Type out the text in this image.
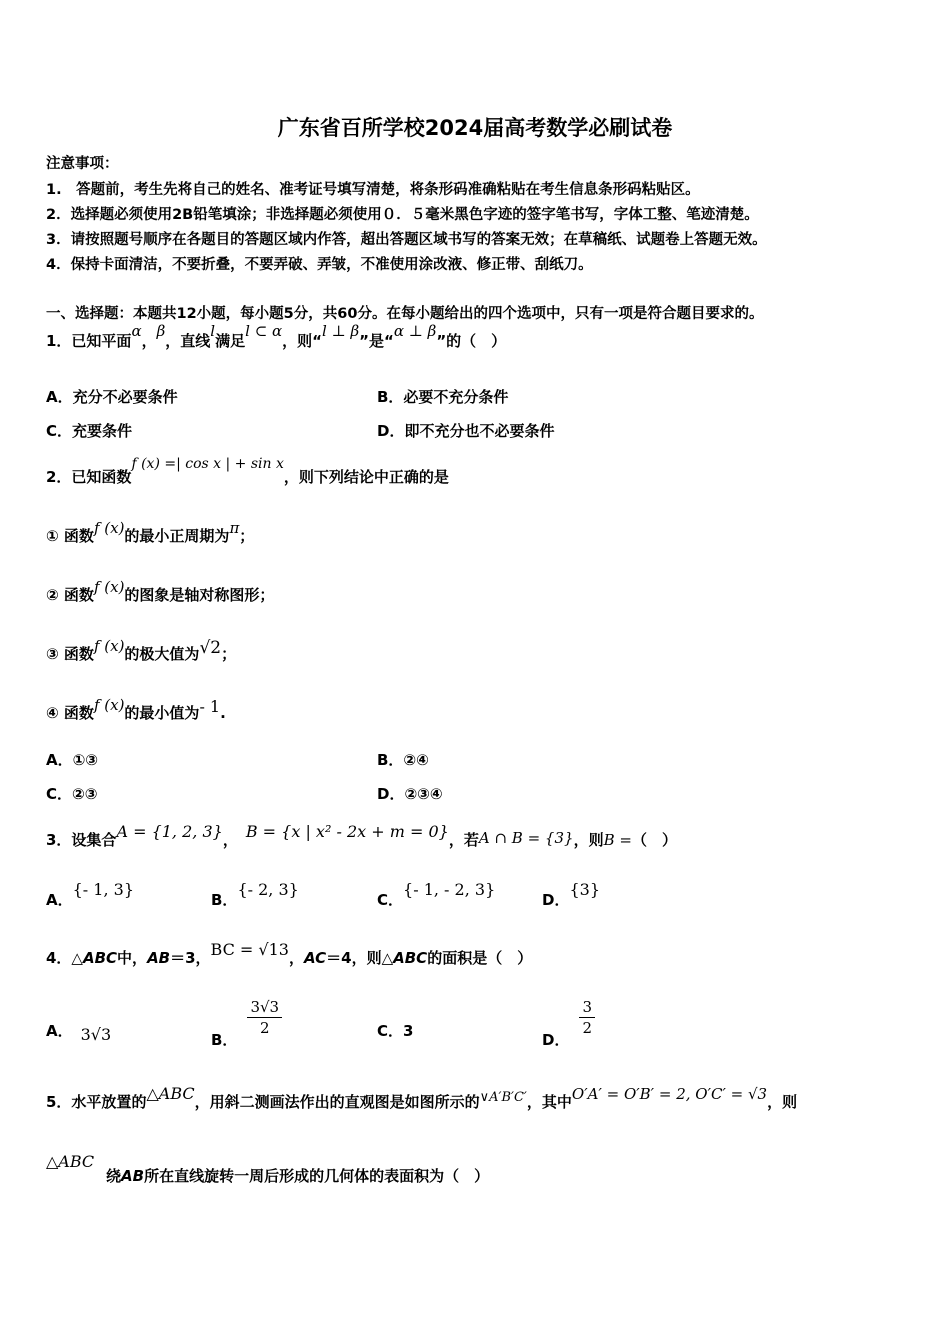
广东省百所学校2024届高考数学必刷试卷
注意事项：
1.　答题前，考生先将自己的姓名、准考证号填写清楚，将条形码准确粘贴在考生信息条形码粘贴区。
2．选择题必须使用2B铅笔填涂；非选择题必须使用０．５毫米黑色字迹的签字笔书写，字体工整、笔迹清楚。
3．请按照题号顺序在各题目的答题区域内作答，超出答题区域书写的答案无效；在草稿纸、试题卷上答题无效。
4．保持卡面清洁，不要折叠，不要弄破、弄皱，不准使用涂改液、修正带、刮纸刀。
一、选择题：本题共12小题，每小题5分，共60分。在每小题给出的四个选项中，只有一项是符合题目要求的。
1．已知平面α，β，直线l满足l ⊂ α，则“l ⊥ β”是“α ⊥ β”的（　）
A．充分不必要条件	B．必要不充分条件
C．充要条件	D．即不充分也不必要条件
2．已知函数f (x) =| cos x | + sin x，则下列结论中正确的是
① 函数f (x)的最小正周期为π；
② 函数f (x)的图象是轴对称图形；
③ 函数f (x)的极大值为√2；
④ 函数f (x)的最小值为- 1.
A．①③	B．②④
C．②③	D．②③④
3．设集合A = {1, 2, 3}， B = {x | x² - 2x + m = 0}，若A ∩ B = {3}，则B =（　）
A．{- 1, 3}
B．{- 2, 3}
C．{- 1, - 2, 3}
D．{3}
4．△ABC中，AB＝3，BC = √13，AC＝4，则△ABC的面积是（　）
A． 3√3	B．
$\frac{3√3}{2}$	C．3	D．
$\frac{3}{2}$
5．水平放置的△ABC，用斜二测画法作出的直观图是如图所示的∨A′B′C′，其中O′A′ = O′B′ = 2, O′C′ = √3，则
△ABC
绕AB所在直线旋转一周后形成的几何体的表面积为（　）
